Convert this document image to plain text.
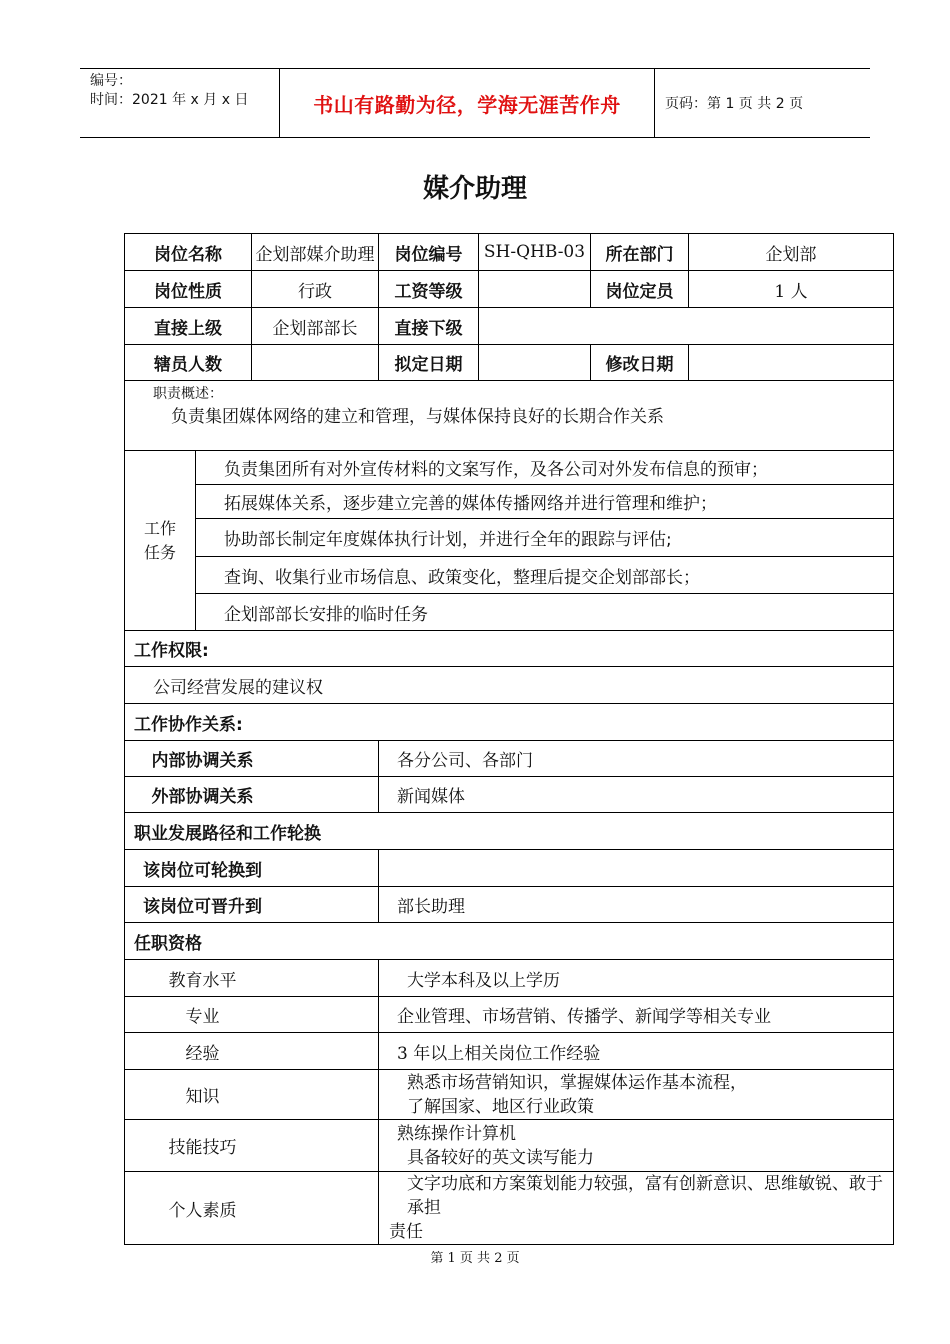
编号：
时间：2021 年 x 月 x 日	书山有路勤为径，学海无涯苦作舟	页码：第 1 页 共 2 页
媒介助理
岗位名称		企划部媒介助理	岗位编号	SH-QHB-03	所在部门	企划部
岗位性质		行政	工资等级		岗位定员	1 人
直接上级		企划部部长	直接下级			
辖员人数			拟定日期		修改日期	

职责概述：
负责集团媒体网络的建立和管理，与媒体保持良好的长期合作关系						

工作
任务	负责集团所有对外宣传材料的文案写作，及各公司对外发布信息的预审；					
	拓展媒体关系，逐步建立完善的媒体传播网络并进行管理和维护；					
	协助部长制定年度媒体执行计划，并进行全年的跟踪与评估;					
	查询、收集行业市场信息、政策变化，整理后提交企划部部长；					
	企划部部长安排的临时任务					
工作权限:						
公司经营发展的建议权						
工作协作关系:						

内部协调关系			各分公司、各部门			

外部协调关系			新闻媒体			
职业发展路径和工作轮换						

该岗位可轮换到						

该岗位可晋升到			部长助理			
任职资格						

教育水平			大学本科及以上学历			

专业			企业管理、市场营销、传播学、新闻学等相关专业			

经验			3 年以上相关岗位工作经验			

知识			熟悉市场营销知识，掌握媒体运作基本流程，
了解国家、地区行业政策			

技能技巧			熟练操作计算机
具备较好的英文读写能力			

个人素质			文字功底和方案策划能力较强，富有创新意识、思维敏锐、敢于承担
责任			
第 1 页 共 2 页
